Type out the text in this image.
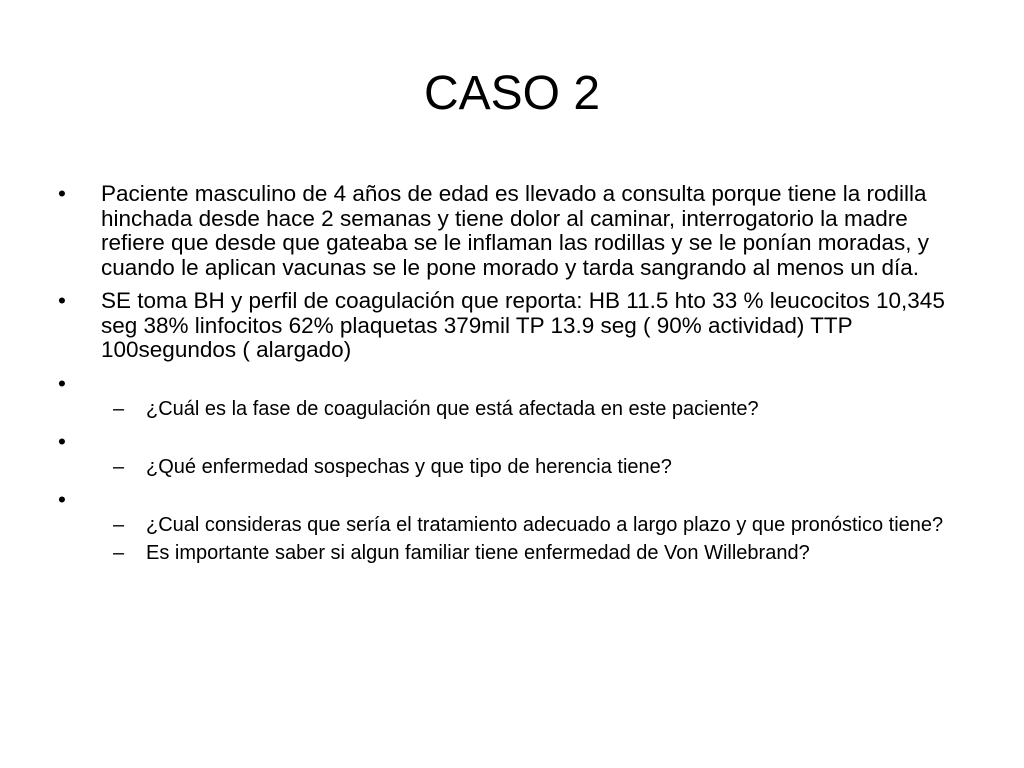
CASO 2
•	Paciente masculino de 4 años de edad es llevado a consulta porque tiene la rodilla hinchada desde hace 2 semanas y tiene dolor al caminar, interrogatorio la madre refiere que desde que gateaba se le inflaman las rodillas y se le ponían moradas, y cuando le aplican vacunas se le pone morado y tarda sangrando al menos un día.
•	SE toma BH y perfil de coagulación que reporta: HB 11.5 hto 33 % leucocitos 10,345 seg 38% linfocitos 62% plaquetas 379mil TP 13.9 seg ( 90% actividad) TTP 100segundos ( alargado)
•
–	¿Cuál es la fase de coagulación que está afectada en este paciente?
•
–	¿Qué enfermedad sospechas y que tipo de herencia tiene?
•
–	¿Cual consideras que sería el tratamiento adecuado a largo plazo y que pronóstico tiene?
–	Es importante saber si algun familiar tiene enfermedad de Von Willebrand?
